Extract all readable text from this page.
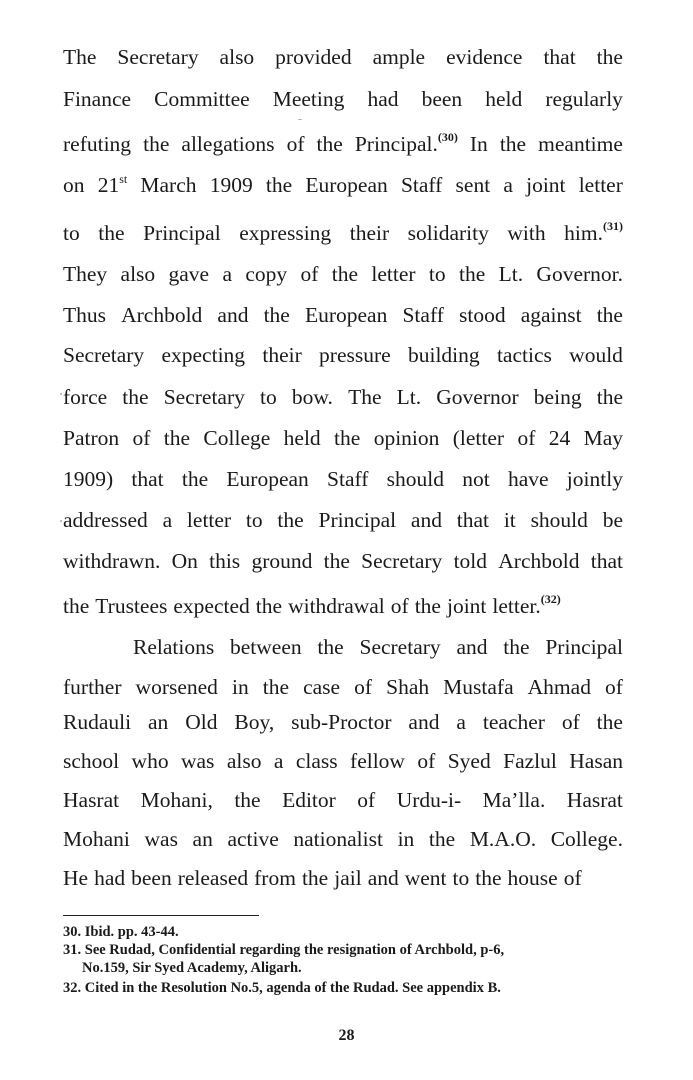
The Secretary also provided ample evidence that the
Finance Committee Meeting had been held regularly
refuting the allegations of the Principal.$^{(30)}$ In the meantime
on 21st March 1909 the European Staff sent a joint letter
to the Principal expressing their solidarity with him.$^{(31)}$
They also gave a copy of the letter to the Lt. Governor.
Thus Archbold and the European Staff stood against the
Secretary expecting their pressure building tactics would
force the Secretary to bow. The Lt. Governor being the
Patron of the College held the opinion (letter of 24 May
1909) that the European Staff should not have jointly
addressed a letter to the Principal and that it should be
withdrawn. On this ground the Secretary told Archbold that
the Trustees expected the withdrawal of the joint letter.$^{(32)}$
Relations between the Secretary and the Principal
further worsened in the case of Shah Mustafa Ahmad of
Rudauli an Old Boy, sub-Proctor and a teacher of the
school who was also a class fellow of Syed Fazlul Hasan
Hasrat Mohani, the Editor of Urdu-i- Ma’lla. Hasrat
Mohani was an active nationalist in the M.A.O. College.
He had been released from the jail and went to the house of
30. Ibid. pp. 43-44.
31. See Rudad, Confidential regarding the resignation of Archbold, p-6,
No.159, Sir Syed Academy, Aligarh.
32. Cited in the Resolution No.5, agenda of the Rudad. See appendix B.
28
